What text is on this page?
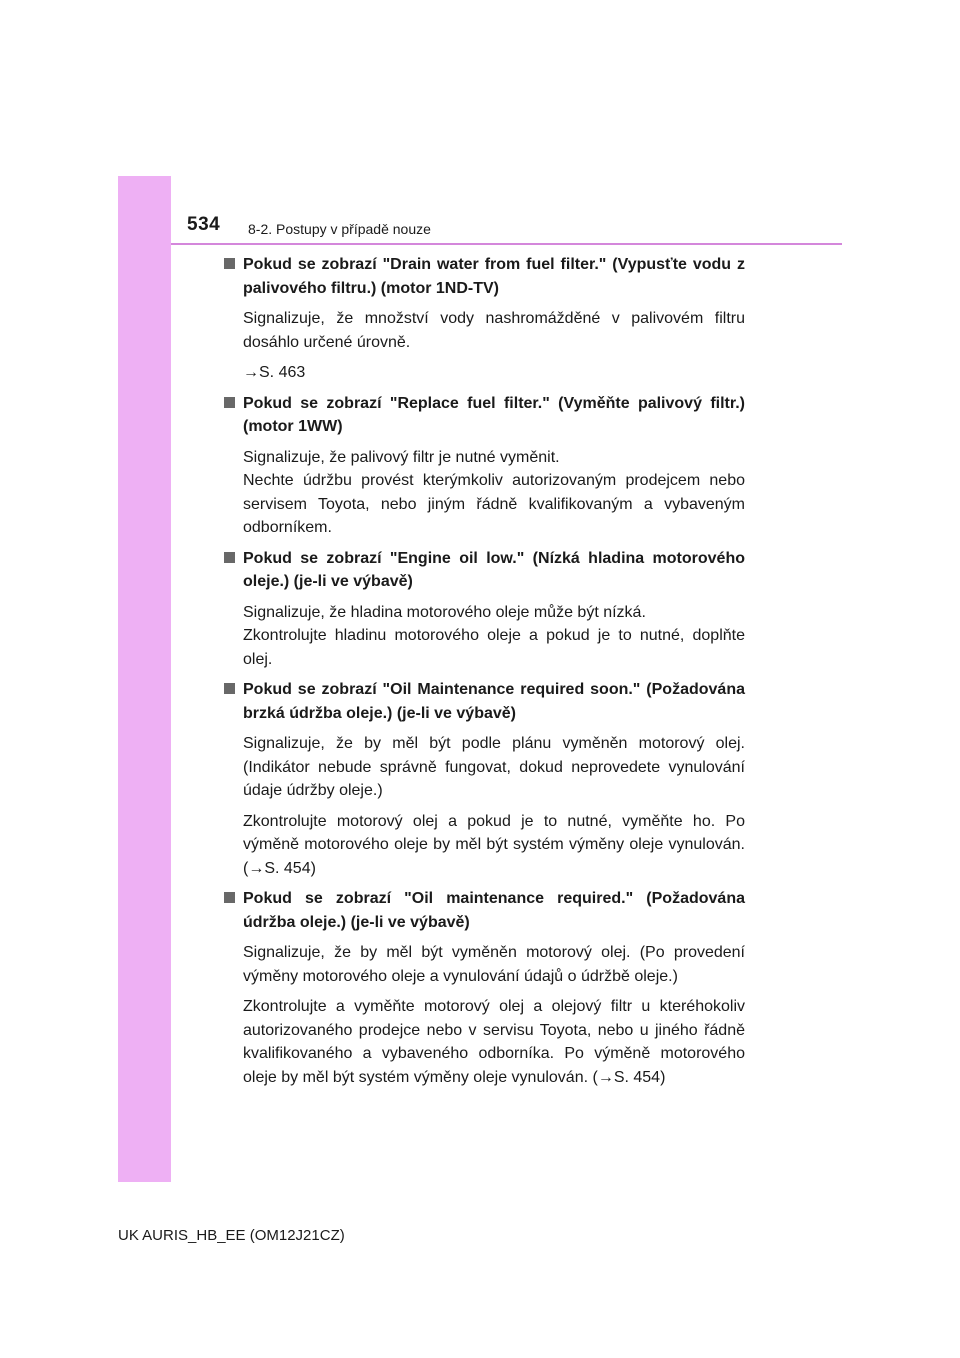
534 8-2. Postupy v případě nouze
Pokud se zobrazí "Drain water from fuel filter." (Vypusťte vodu z palivového filtru.) (motor 1ND-TV)
Signalizuje, že množství vody nashromážděné v palivovém filtru dosáhlo určené úrovně.
→S. 463
Pokud se zobrazí "Replace fuel filter." (Vyměňte palivový filtr.) (motor 1WW)
Signalizuje, že palivový filtr je nutné vyměnit.
Nechte údržbu provést kterýmkoliv autorizovaným prodejcem nebo servisem Toyota, nebo jiným řádně kvalifikovaným a vybaveným odborníkem.
Pokud se zobrazí "Engine oil low." (Nízká hladina motorového oleje.) (je-li ve výbavě)
Signalizuje, že hladina motorového oleje může být nízká.
Zkontrolujte hladinu motorového oleje a pokud je to nutné, doplňte olej.
Pokud se zobrazí "Oil Maintenance required soon." (Požadována brzká údržba oleje.) (je-li ve výbavě)
Signalizuje, že by měl být podle plánu vyměněn motorový olej. (Indikátor nebude správně fungovat, dokud neprovedete vynulování údaje údržby oleje.)
Zkontrolujte motorový olej a pokud je to nutné, vyměňte ho. Po výměně motorového oleje by měl být systém výměny oleje vynulován. (→S. 454)
Pokud se zobrazí "Oil maintenance required." (Požadována údržba oleje.) (je-li ve výbavě)
Signalizuje, že by měl být vyměněn motorový olej. (Po provedení výměny motorového oleje a vynulování údajů o údržbě oleje.)
Zkontrolujte a vyměňte motorový olej a olejový filtr u kteréhokoliv autorizovaného prodejce nebo v servisu Toyota, nebo u jiného řádně kvalifikovaného a vybaveného odborníka. Po výměně motorového oleje by měl být systém výměny oleje vynulován. (→S. 454)
UK AURIS_HB_EE (OM12J21CZ)
